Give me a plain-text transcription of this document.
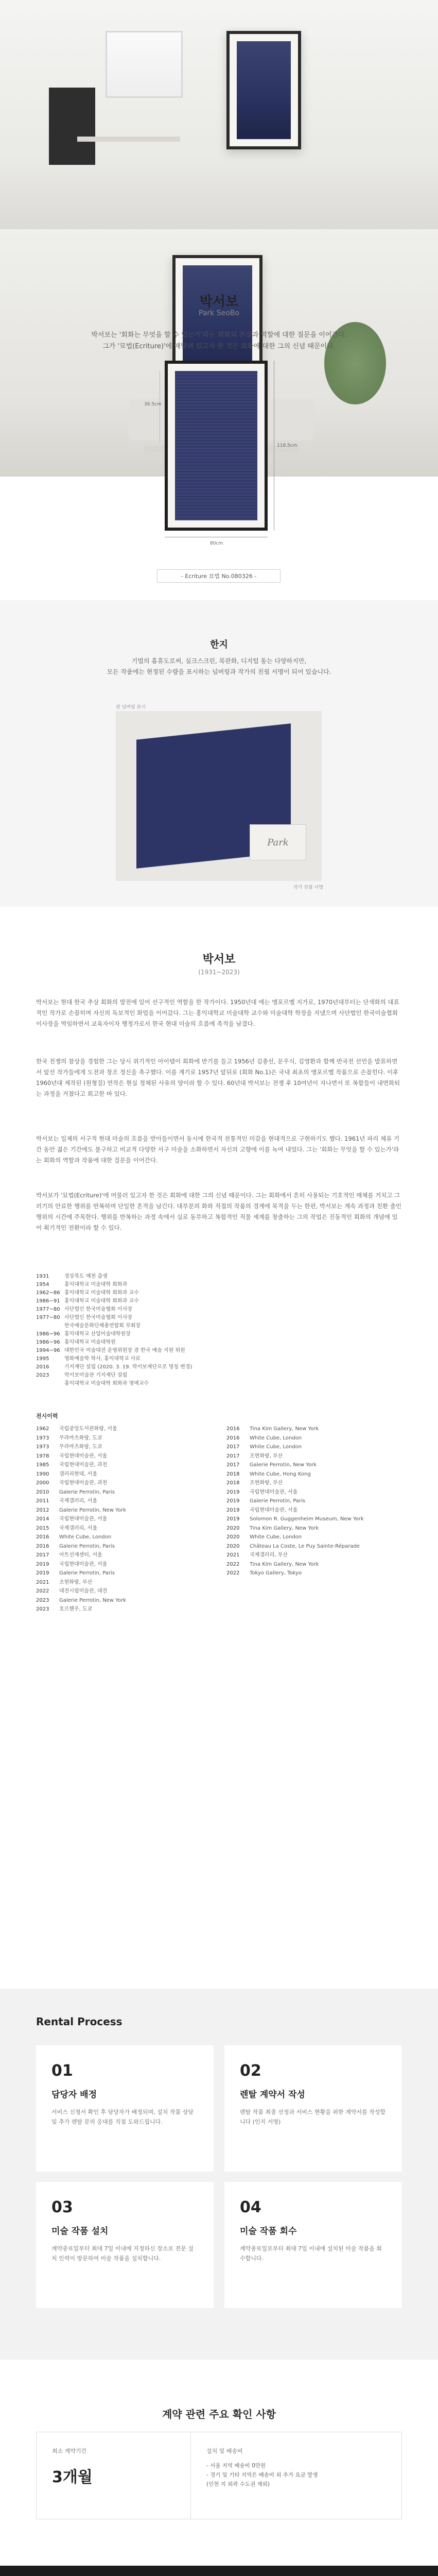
박서보
Park SeoBo
박서보는 '회화는 무엇을 할 수 있는가'라는 회화의 본질과 역할에 대한 질문을 이어간다.
그가 '묘법(Ecriture)'에 매달려 있고자 한 것은 회화에 대한 그의 신념 때문이다.
118.5cm
36.5cm
80cm
- Ecriture 묘법 No.080326 -
한지
기법의 흡휴도로써, 실크스크린, 목판화, 디지털 동는 다양하지만,
모든 작품에는 현정된 수량을 표시하는 넘버링과 작가의 친필 서명이 되어 있습니다.
판 넘버링 표시
Park
작가 친필 서명
박서보
(1931~2023)
박서보는 현대 한국 추상 회화의 발전에 있어 선구적인 역할을 한 작가이다. 1950년대 에는 앵포르멜 지가로, 1970년대부터는 단색화의 대표적인 작가로 손꼽히며 자신의 독보적인 화업을 이어갔다. 그는 홍익대학교 미술대학 교수와 미술대학 학장을 지냈으며 사단법인 한국미술협회 이사장을 역임하면서 교육자이자 행정가로서 한국 현대 미술의 흐름에 족적을 남겼다.
한국 전쟁의 참상을 경험한 그는 당시 위기적인 아이템이 회화에 반기를 들고 1956년 김충선, 문우식, 김영환과 함께 반국전 선언을 발표하면서 앞선 작가들에게 도전과 창조 정신을 촉구했다. 이를 계기로 1957년 앞뒤로 (회화 No.1)은 국내 최초의 앵포르멜 작품으로 손꼽힌다. 이후 1960년대 제작된 (원형질) 연작은 현실 정체된 사유의 양이라 할 수 있다. 60년대 박서보는 전쟁 후 10여년이 지나면서 또 복합들이 내면화되는 과정을 거쳤다고 회고한 바 있다.
박서보는 일제의 서구적 현대 미술의 흐름을 받아들이면서 동시에 한국적 전통적인 미감을 현대적으로 구현하기도 했다. 1961년 파리 체류 기간 동안 젊은 기간에도 불구하고 비교적 다양한 서구 미술을 소화하면서 자신의 고향에 이를 녹여 내었다. 그는 '회화는 무엇을 할 수 있는가'라는 회화의 역할과 작품에 대한 질문을 이어간다.
박서보가 '묘법(Ecriture)'에 머물러 있고자 한 것은 회화에 대한 그의 신념 때문이다. 그는 회화에서 흔히 사용되는 기호적인 매체를 거치고 그러기의 안료한 행위를 반복하며 단일한 흔적을 남긴다. 대부분의 화와 직접의 작품의 경계에 목적을 두는 한편, 박서보는 계속 과정과 친환 출인 행위의 시간에 주목한다. 행위를 반복하는 과정 속에서 실로 동부하고 복합적인 직물 세계를 창출하는 그의 작업은 진동적인 회화의 개념에 있어 획기적인 전환이라 할 수 있다.
1931	경상북도 예천 출생
1954	홍익대학교 미술대학 회화과
1962~86 홍익대학교 미술대학 회화과 교수
1986~91 홍익대학교 미술대학 회화과 교수
1977~80 사단법인 한국미술협회 이사장
1977~80 사단법인 한국미술협회 이사장
한국예술문화단체총연합회 부회장
1986~96 홍익대학교 산업미술대학원장
1986~96 홍익대학교 미술대학원
1994~96 대한민국 미술대전 운영위원장 겸 한국 예술 지원 위원
1995	영화예술학 학사, 홍익대학교 사료
2016	기지재단 설립 (2020. 3. 19. 박서보재단으로 명칭 변경)
2023	박서보미술관 기지재단 설립
홍익대학교 미술대학 회화과 명예교수
전시이력
1962	국립중앙도서관화랑, 서울
1973	무라마츠화랑, 도쿄
1973	무라마츠화랑, 도쿄
1978	국립현대미술관, 서울
1985	국립현대미술관, 과천
1990	갤러리현대, 서울
2000	국립현대미술관, 과천
2010	Galerie Perrotin, Paris
2011	국제갤러리, 서울
2012	Galerie Perrotin, New York
2014	국립현대미술관, 서울
2015	국제갤러리, 서울
2016	White Cube, London
2016	Galerie Perrotin, Paris
2017	아트선재센터, 서울
2019	국립현대미술관, 서울
2019	Galerie Perrotin, Paris
2021	조현화랑, 부산
2022	대전시립미술관, 대전
2023	Galerie Perrotin, New York
2023	호르헨우, 도쿄
2016	Tina Kim Gallery, New York
2016	White Cube, London
2017	White Cube, London
2017	조현화랑, 부산
2017	Galerie Perrotin, New York
2018	White Cube, Hong Kong
2018	조현화랑, 부산
2019	국립현대미술관, 서울
2019	Galerie Perrotin, Paris
2019	국립현대미술관, 서울
2019	Solomon R. Guggenheim Museum, New York
2020	Tina Kim Gallery, New York
2020	White Cube, London
2020	Château La Coste, Le Puy Sainte-Réparade
2021	국제갤러리, 부산
2022	Tina Kim Gallery, New York
2022	Tokyo Gallery, Tokyo
Rental Process
01
담당자 배정
서비스 신청서 확인 후 담당자가 배정되며, 설치 작품 상담 및 추가 렌탈 문의 응대를 직접 도와드립니다.
02
렌탈 계약서 작성
렌탈 작품 최종 선정과 서비스 현황을 위한 계약서를 작성합니다 (인지 서명)
03
미술 작품 설치
계약중료일부터 최대 7일 이내에 지정하신 장소로 전문 설치 인력이 방문하여 미술 작품을 설치합니다.
04
미술 작품 회수
계약종료일로부터 최대 7일 이내에 설치된 미술 작품을 회수합니다.
계약 관련 주요 확인 사항
최소 계약기간
3개월
설치 및 배송비
- 서울 지역 배송비 0만원
- 경기 및 기타 지역은 배송비 외 추가 요금 발생
(인천 지 외곽 수도권 제외)
